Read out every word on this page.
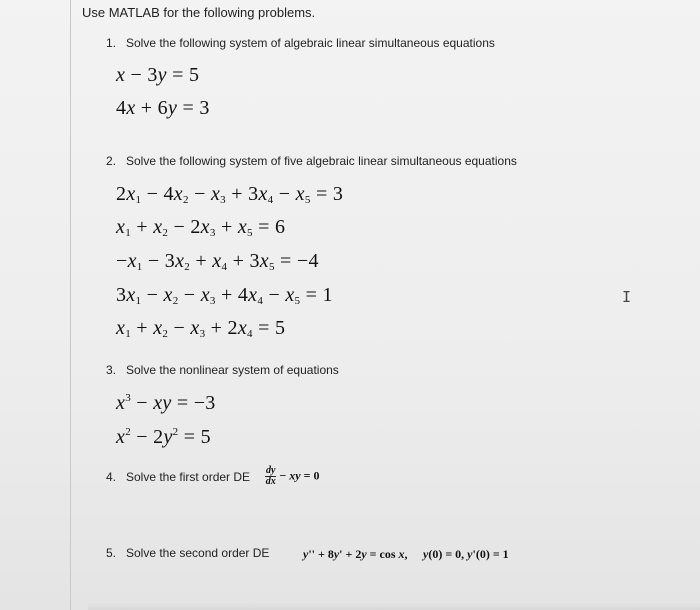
Use MATLAB for the following problems.
1. Solve the following system of algebraic linear simultaneous equations
x − 3y = 5
4x + 6y = 3
2. Solve the following system of five algebraic linear simultaneous equations
$2x_1 - 4x_2 - x_3 + 3x_4 - x_5 = 3$
$x_1 + x_2 - 2x_3 + x_5 = 6$
$-x_1 - 3x_2 + x_4 + 3x_5 = -4$
$3x_1 - x_2 - x_3 + 4x_4 - x_5 = 1$
$x_1 + x_2 - x_3 + 2x_4 = 5$
3. Solve the nonlinear system of equations
$x^3$ − xy = −3
$x^2 - 2y^2 = 5$
4. Solve the first order DE $\frac{dy}{dx}$ − xy = 0
5. Solve the second order DE	y'' + 8y' + 2y = cos x, y(0) = 0, y'(0) = 1
I
